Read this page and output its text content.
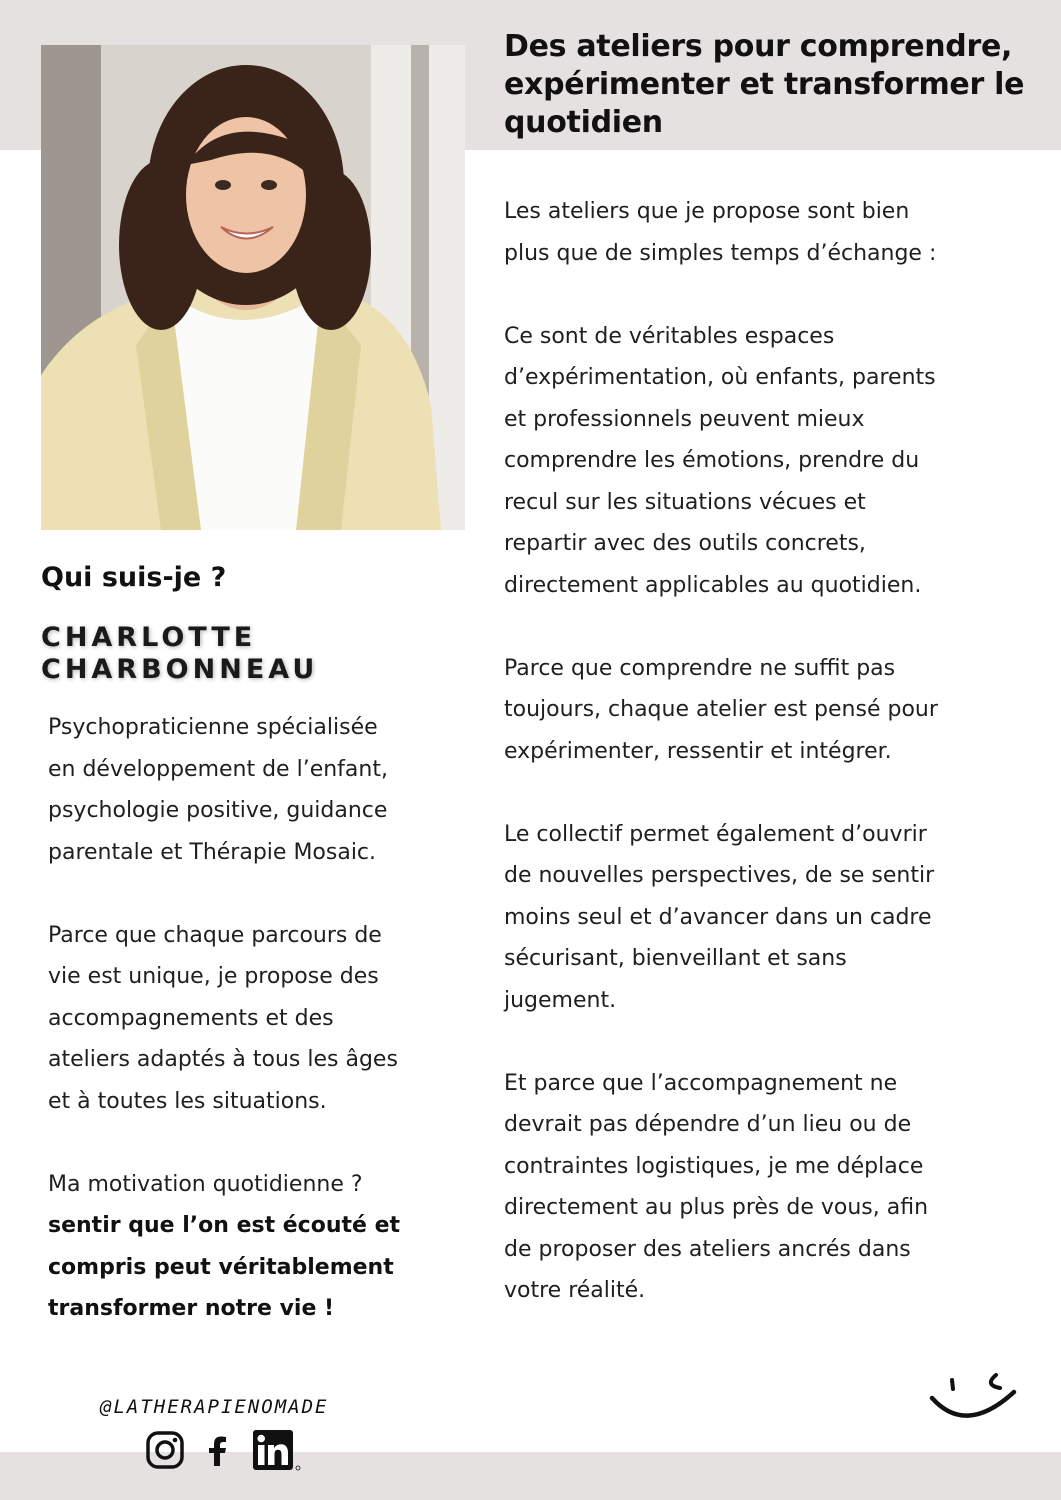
Des ateliers pour comprendre, expérimenter et transformer le quotidien

Les ateliers que je propose sont bien
plus que de simples temps d’échange :

Ce sont de véritables espaces
d’expérimentation, où enfants, parents
et professionnels peuvent mieux
comprendre les émotions, prendre du
recul sur les situations vécues et
repartir avec des outils concrets,
directement applicables au quotidien.

Parce que comprendre ne suffit pas
toujours, chaque atelier est pensé pour
expérimenter, ressentir et intégrer.

Le collectif permet également d’ouvrir
de nouvelles perspectives, de se sentir
moins seul et d’avancer dans un cadre
sécurisant, bienveillant et sans
jugement.

Et parce que l’accompagnement ne
devrait pas dépendre d’un lieu ou de
contraintes logistiques, je me déplace
directement au plus près de vous, afin
de proposer des ateliers ancrés dans
votre réalité.

Qui suis-je ?
CHARLOTTE
CHARBONNEAU

Psychopraticienne spécialisée
en développement de l’enfant,
psychologie positive, guidance
parentale et Thérapie Mosaic.

Parce que chaque parcours de
vie est unique, je propose des
accompagnements et des
ateliers adaptés à tous les âges
et à toutes les situations.

Ma motivation quotidienne ?
sentir que l’on est écouté et
compris peut véritablement
transformer notre vie !

@LATHERAPIENOMADE
